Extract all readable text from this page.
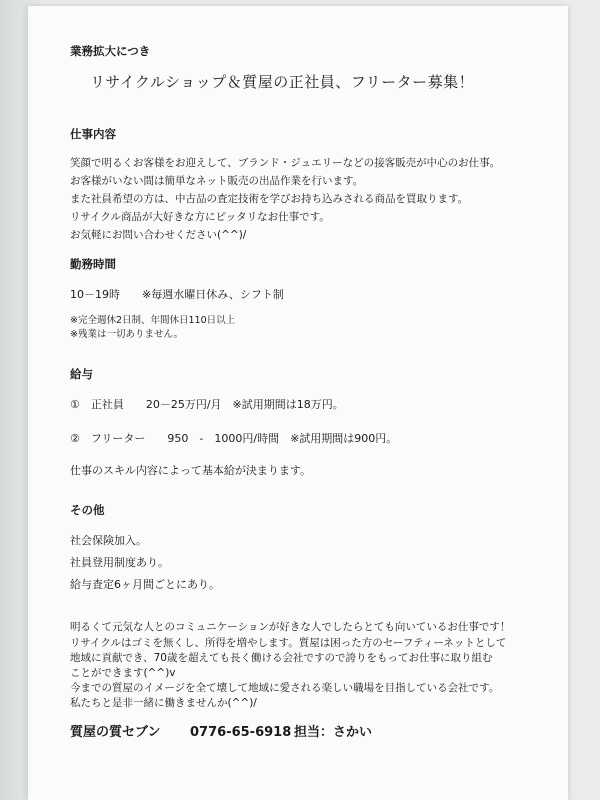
業務拡大につき
リサイクルショップ＆質屋の正社員、フリーター募集！
仕事内容
笑顔で明るくお客様をお迎えして、ブランド・ジュエリーなどの接客販売が中心のお仕事。
お客様がいない間は簡単なネット販売の出品作業を行います。
また社員希望の方は、中古品の査定技術を学びお持ち込みされる商品を買取ります。
リサイクル商品が大好きな方にピッタリなお仕事です。
お気軽にお問い合わせください(^^)/
勤務時間
10－19時　　※毎週水曜日休み、シフト制
※完全週休2日制、年間休日110日以上
※残業は一切ありません。
給与
①　正社員　　20－25万円/月　※試用期間は18万円。
②　フリーター　　950　-　1000円/時間　※試用期間は900円。
仕事のスキル内容によって基本給が決まります。
その他
社会保険加入。
社員登用制度あり。
給与査定6ヶ月間ごとにあり。
明るくて元気な人とのコミュニケーションが好きな人でしたらとても向いているお仕事です！
リサイクルはゴミを無くし、所得を増やします。質屋は困った方のセーフティーネットとして
地域に貢献でき、70歳を超えても長く働ける会社ですので誇りをもってお仕事に取り組む
ことができます(^^)v
今までの質屋のイメージを全て壊して地域に愛される楽しい職場を目指している会社です。
私たちと是非一緒に働きませんか(^^)/
質屋の質セブン 0776-65-6918 担当：さかい
